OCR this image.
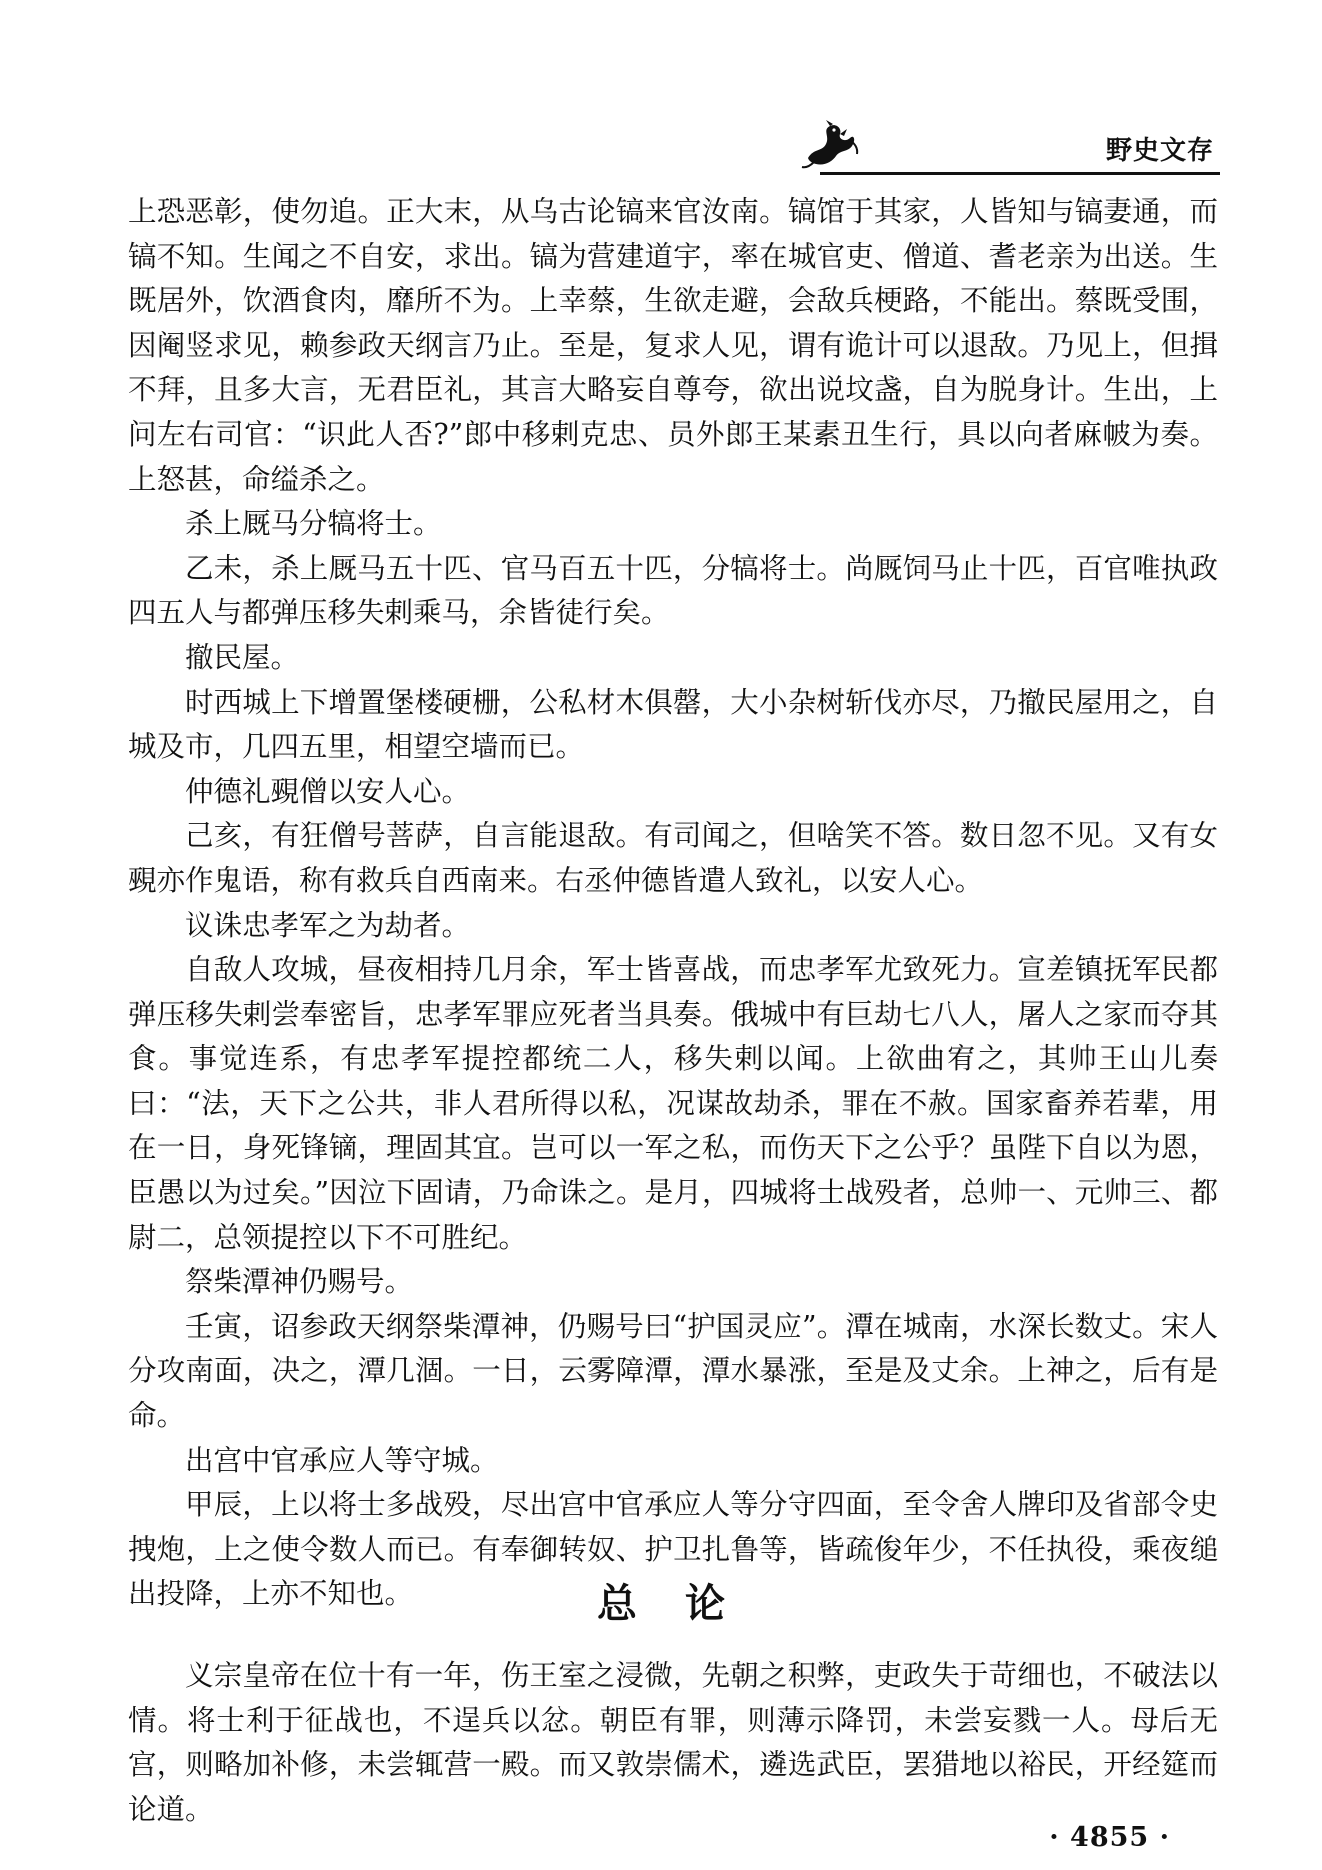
野史文存

上恐恶彰，使勿追。正大末，从乌古论镐来官汝南。镐馆于其家，人皆知与镐妻通，而镐不知。生闻之不自安，求出。镐为营建道宇，率在城官吏、僧道、耆老亲为出送。生既居外，饮酒食肉，靡所不为。上幸蔡，生欲走避，会敌兵梗路，不能出。蔡既受围，因阉竖求见，赖参政天纲言乃止。至是，复求人见，谓有诡计可以退敌。乃见上，但揖不拜，且多大言，无君臣礼，其言大略妄自尊夸，欲出说坟盏，自为脱身计。生出，上问左右司官：“识此人否?”郎中移剌克忠、员外郎王某素丑生行，具以向者麻帔为奏。上怒甚，命缢杀之。

杀上厩马分犒将士。

乙未，杀上厩马五十匹、官马百五十匹，分犒将士。尚厩饲马止十匹，百官唯执政四五人与都弹压移失剌乘马，余皆徒行矣。

撤民屋。

时西城上下增置堡楼硬栅，公私材木俱罄，大小杂树斩伐亦尽，乃撤民屋用之，自城及市，几四五里，相望空墙而已。

仲德礼覡僧以安人心。

己亥，有狂僧号菩萨，自言能退敌。有司闻之，但啥笑不答。数日忽不见。又有女覡亦作鬼语，称有救兵自西南来。右丞仲德皆遣人致礼，以安人心。

议诛忠孝军之为劫者。

自敌人攻城，昼夜相持几月余，军士皆喜战，而忠孝军尤致死力。宣差镇抚军民都弹压移失剌尝奉密旨，忠孝军罪应死者当具奏。俄城中有巨劫七八人，屠人之家而夺其食。事觉连系，有忠孝军提控都统二人，移失剌以闻。上欲曲宥之，其帅王山儿奏曰：“法，天下之公共，非人君所得以私，况谋故劫杀，罪在不赦。国家畜养若辈，用在一日，身死锋镝，理固其宜。岂可以一军之私，而伤天下之公乎？虽陛下自以为恩，臣愚以为过矣。”因泣下固请，乃命诛之。是月，四城将士战殁者，总帅一、元帅三、都尉二，总领提控以下不可胜纪。

祭柴潭神仍赐号。

壬寅，诏参政天纲祭柴潭神，仍赐号曰“护国灵应”。潭在城南，水深长数丈。宋人分攻南面，决之，潭几涸。一日，云雾障潭，潭水暴涨，至是及丈余。上神之，后有是命。

出宫中官承应人等守城。

甲辰，上以将士多战殁，尽出宫中官承应人等分守四面，至令舍人牌印及省部令史拽炮，上之使令数人而已。有奉御转奴、护卫扎鲁等，皆疏俊年少，不任执役，乘夜缒出投降，上亦不知也。	总论

义宗皇帝在位十有一年，伤王室之浸微，先朝之积弊，吏政失于苛细也，不破法以情。将士利于征战也，不逞兵以忿。朝臣有罪，则薄示降罚，未尝妄戮一人。母后无宫，则略加补修，未尝辄营一殿。而又敦崇儒术，遴选武臣，罢猎地以裕民，开经筵而论道。

· 4855 ·
